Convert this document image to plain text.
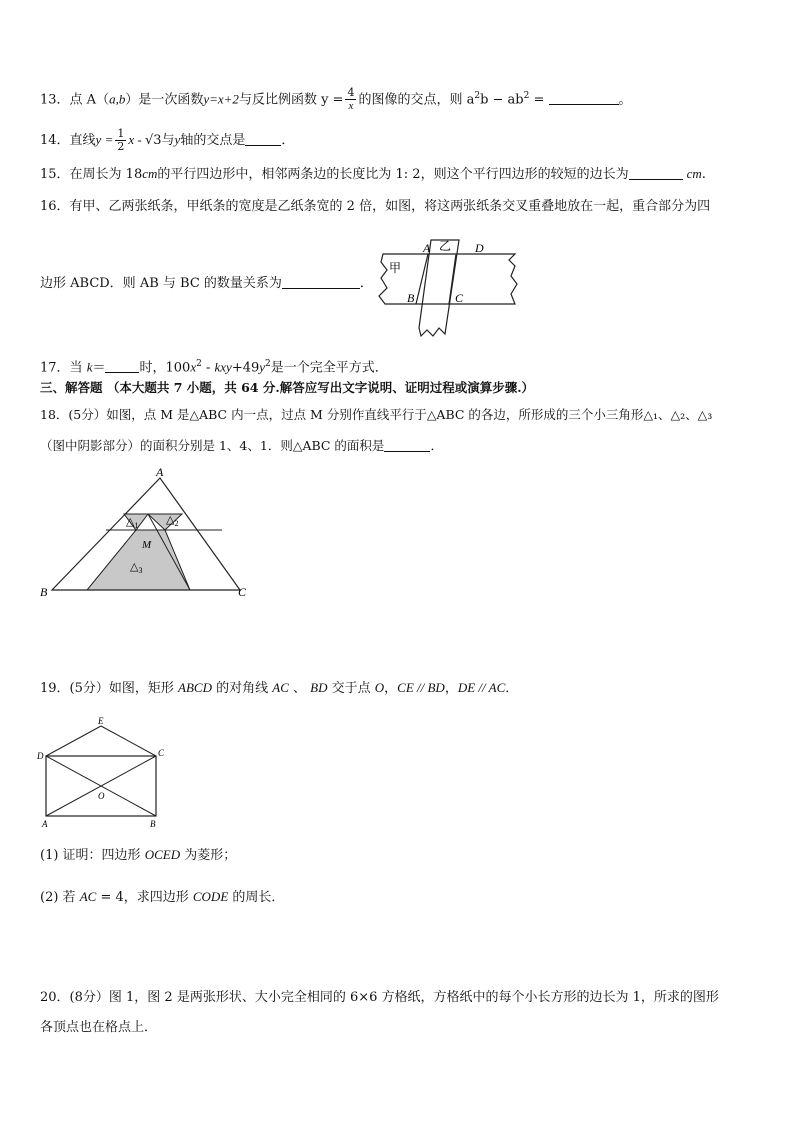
13．点 A（a,b）是一次函数y=x+2与反比例函数 $y = \frac{4}{x}$ 的图像的交点，则 $a^2b - ab^2$ =	。
14．直线$y = \frac{1}{2}$ x - √3与y轴的交点是	．
15．在周长为 18cm的平行四边形中，相邻两条边的长度比为 1: 2，则这个平行四边形的较短的边长为	cm.
16．有甲、乙两张纸条，甲纸条的宽度是乙纸条宽的 2 倍，如图，将这两张纸条交叉重叠地放在一起，重合部分为四
边形 ABCD．则 AB 与 BC 的数量关系为	．
A	D
B	C
甲
乙
17．当 k＝	时，$100x^2 - kxy+49y^2$是一个完全平方式．
三、解答题 （本大题共 7 小题，共 64 分.解答应写出文字说明、证明过程或演算步骤.）
18．(5分）如图，点 M 是△ABC 内一点，过点 M 分别作直线平行于△ABC 的各边，所形成的三个小三角形△₁、△₂、△₃
（图中阴影部分）的面积分别是 1、4、1．则△ABC 的面积是	．
A
B	C
M
$\triangle_1$	$\triangle_2$
$\triangle_3$
19．(5分）如图，矩形 ABCD 的对角线 AC 、 BD 交于点 O，CE // BD，DE // AC．
E
D	C
A	B
O
(1) 证明：四边形 OCED 为菱形；
(2) 若 AC = 4，求四边形 CODE 的周长．
20．(8分）图 1，图 2 是两张形状、大小完全相同的 6×6 方格纸，方格纸中的每个小长方形的边长为 1，所求的图形
各顶点也在格点上．
